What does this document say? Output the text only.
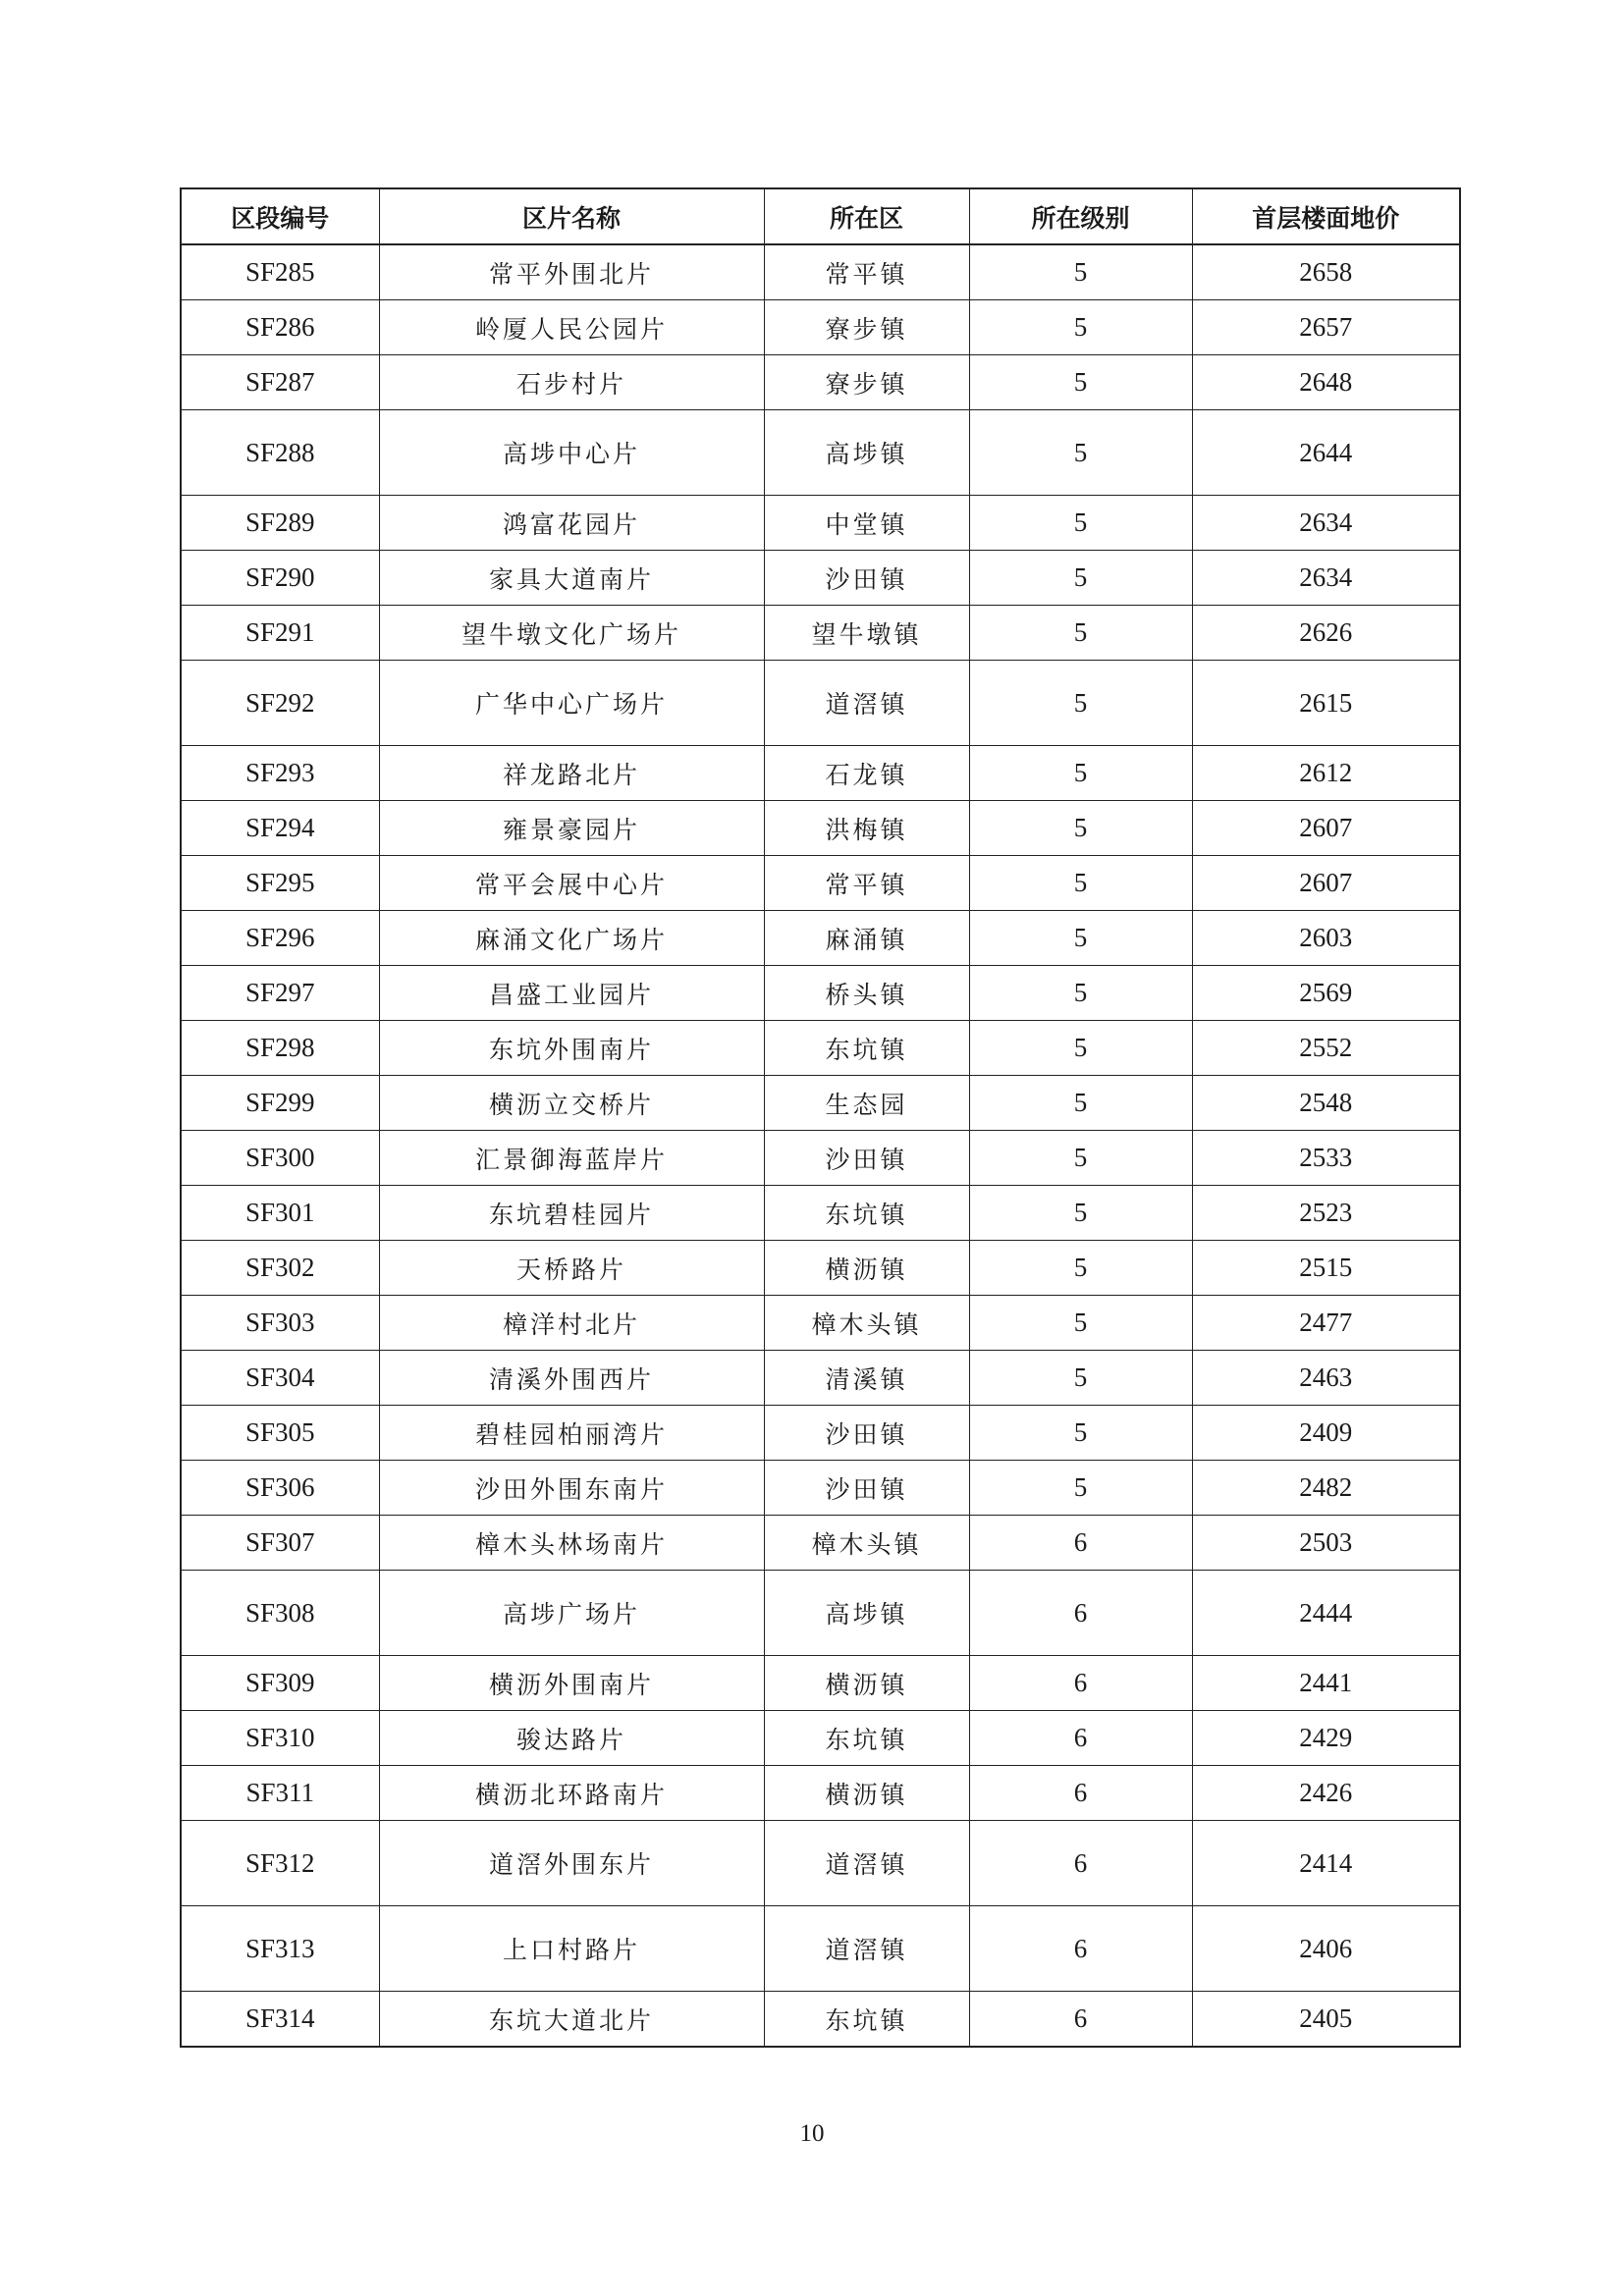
区段编号	区片名称	所在区	所在级别	首层楼面地价
SF285	常平外围北片	常平镇	5	2658
SF286	岭厦人民公园片	寮步镇	5	2657
SF287	石步村片	寮步镇	5	2648
SF288	高埗中心片	高埗镇	5	2644
SF289	鸿富花园片	中堂镇	5	2634
SF290	家具大道南片	沙田镇	5	2634
SF291	望牛墩文化广场片	望牛墩镇	5	2626
SF292	广华中心广场片	道滘镇	5	2615
SF293	祥龙路北片	石龙镇	5	2612
SF294	雍景豪园片	洪梅镇	5	2607
SF295	常平会展中心片	常平镇	5	2607
SF296	麻涌文化广场片	麻涌镇	5	2603
SF297	昌盛工业园片	桥头镇	5	2569
SF298	东坑外围南片	东坑镇	5	2552
SF299	横沥立交桥片	生态园	5	2548
SF300	汇景御海蓝岸片	沙田镇	5	2533
SF301	东坑碧桂园片	东坑镇	5	2523
SF302	天桥路片	横沥镇	5	2515
SF303	樟洋村北片	樟木头镇	5	2477
SF304	清溪外围西片	清溪镇	5	2463
SF305	碧桂园柏丽湾片	沙田镇	5	2409
SF306	沙田外围东南片	沙田镇	5	2482
SF307	樟木头林场南片	樟木头镇	6	2503
SF308	高埗广场片	高埗镇	6	2444
SF309	横沥外围南片	横沥镇	6	2441
SF310	骏达路片	东坑镇	6	2429
SF311	横沥北环路南片	横沥镇	6	2426
SF312	道滘外围东片	道滘镇	6	2414
SF313	上口村路片	道滘镇	6	2406
SF314	东坑大道北片	东坑镇	6	2405
10
